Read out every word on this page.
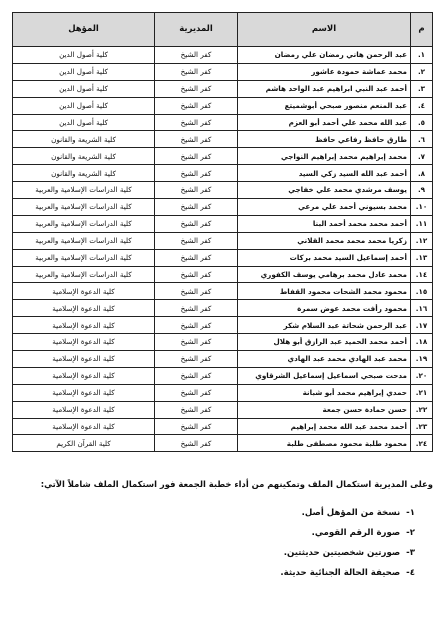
م	الاسم	المديرية	المؤهل
١.	عبد الرحمن هاني رمضان علي رمضان	كفر الشيخ	كلية أصول الدين
٢.	محمد عماشة حمودة عاشور	كفر الشيخ	كلية أصول الدين
٣.	أحمد عبد النبي ابراهيم عبد الواحد هاشم	كفر الشيخ	كلية أصول الدين
٤.	عبد المنعم منصور صبحي أبوشميتع	كفر الشيخ	كلية أصول الدين
٥.	عبد الله محمد علي أحمد أبو العزم	كفر الشيخ	كلية أصول الدين
٦.	طارق حافظ رفاعي حافظ	كفر الشيخ	كلية الشريعة والقانون
٧.	محمد إبراهيم محمد إبراهيم النواجي	كفر الشيخ	كلية الشريعة والقانون
٨.	أحمد عبد الله السيد زكي السيد	كفر الشيخ	كلية الشريعة والقانون
٩.	يوسف مرشدي محمد علي خفاجي	كفر الشيخ	كلية الدراسات الإسلامية والعربية
١٠.	محمد بسيوني أحمد علي مرعي	كفر الشيخ	كلية الدراسات الإسلامية والعربية
١١.	أحمد محمد محمد أحمد البنا	كفر الشيخ	كلية الدراسات الإسلامية والعربية
١٢.	زكريا محمد محمد محمد القلاني	كفر الشيخ	كلية الدراسات الإسلامية والعربية
١٣.	أحمد إسماعيل السيد محمد بركات	كفر الشيخ	كلية الدراسات الإسلامية والعربية
١٤.	محمد عادل محمد برهامي يوسف الكفوري	كفر الشيخ	كلية الدراسات الإسلامية والعربية
١٥.	محمود محمد الشحات محمود القفاط	كفر الشيخ	كلية الدعوة الإسلامية
١٦.	محمود رأفت محمد عوض سمرة	كفر الشيخ	كلية الدعوة الإسلامية
١٧.	عبد الرحمن شحاتة عبد السلام شكر	كفر الشيخ	كلية الدعوة الإسلامية
١٨.	أحمد محمد الحميد عبد الرازق أبو هلال	كفر الشيخ	كلية الدعوة الإسلامية
١٩.	محمد عبد الهادي محمد عبد الهادي	كفر الشيخ	كلية الدعوة الإسلامية
٢٠.	مدحت صبحي اسماعيل إسماعيل الشرقاوي	كفر الشيخ	كلية الدعوة الإسلامية
٢١.	حمدي إبراهيم محمد أبو شبانة	كفر الشيخ	كلية الدعوة الإسلامية
٢٢.	حسن حمادة حسن جمعة	كفر الشيخ	كلية الدعوة الإسلامية
٢٣.	أحمد محمد عبد الله محمد إبراهيم	كفر الشيخ	كلية الدعوة الإسلامية
٢٤.	محمود طلبة محمود مصطفى طلبة	كفر الشيخ	كلية القرآن الكريم
وعلى المديرية استكمال الملف وتمكينهم من أداء خطبة الجمعة فور استكمال الملف شاملاً الآتي:
١-
نسخة من المؤهل أصل.
٢-
صورة الرقم القومي.
٣-
صورتين شخصيتين حديثتين.
٤-
صحيفة الحالة الجنائية حديثة.
